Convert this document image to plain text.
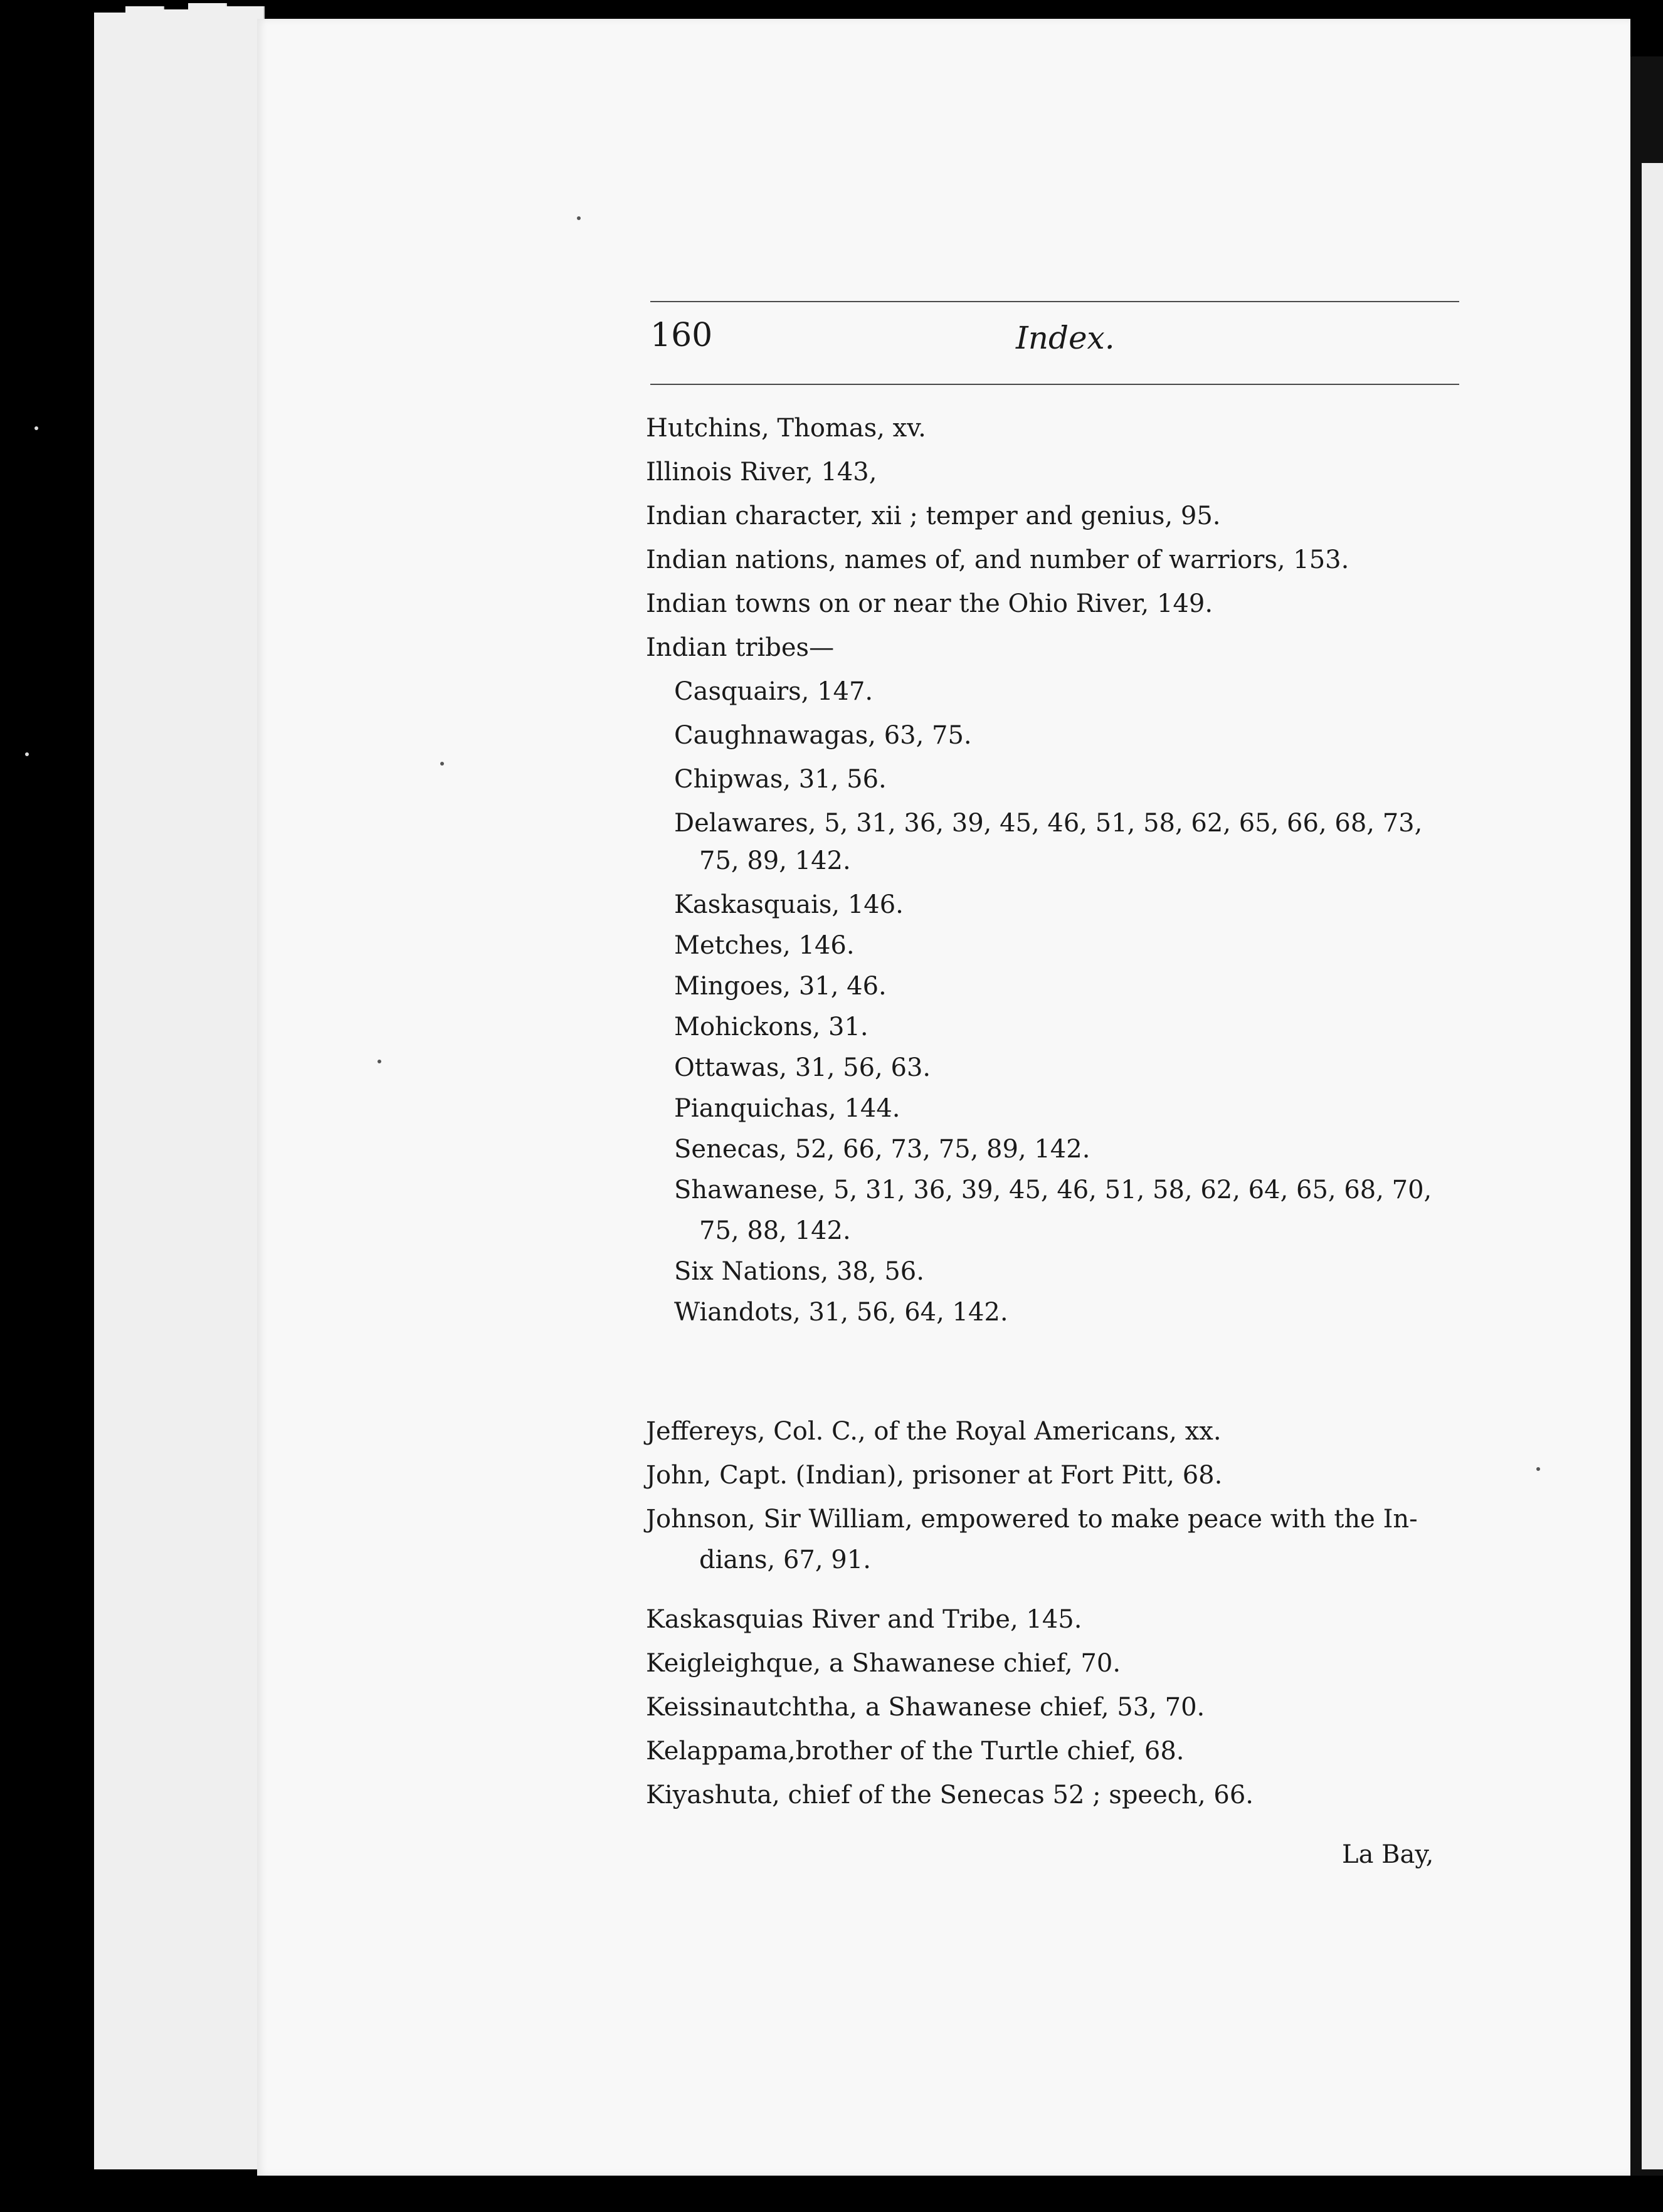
160	Index.
Hutchins, Thomas, xv.
Illinois River, 143,
Indian character, xii ; temper and genius, 95.
Indian nations, names of, and number of warriors, 153.
Indian towns on or near the Ohio River, 149.
Indian tribes—
Casquairs, 147.
Caughnawagas, 63, 75.
Chipwas, 31, 56.
Delawares, 5, 31, 36, 39, 45, 46, 51, 58, 62, 65, 66, 68, 73,
75, 89, 142.
Kaskasquais, 146.
Metches, 146.
Mingoes, 31, 46.
Mohickons, 31.
Ottawas, 31, 56, 63.
Pianquichas, 144.
Senecas, 52, 66, 73, 75, 89, 142.
Shawanese, 5, 31, 36, 39, 45, 46, 51, 58, 62, 64, 65, 68, 70,
75, 88, 142.
Six Nations, 38, 56.
Wiandots, 31, 56, 64, 142.
Jeffereys, Col. C., of the Royal Americans, xx.
John, Capt. (Indian), prisoner at Fort Pitt, 68.
Johnson, Sir William, empowered to make peace with the In-
dians, 67, 91.
Kaskasquias River and Tribe, 145.
Keigleighque, a Shawanese chief, 70.
Keissinautchtha, a Shawanese chief, 53, 70.
Kelappama,brother of the Turtle chief, 68.
Kiyashuta, chief of the Senecas 52 ; speech, 66.
La Bay,
